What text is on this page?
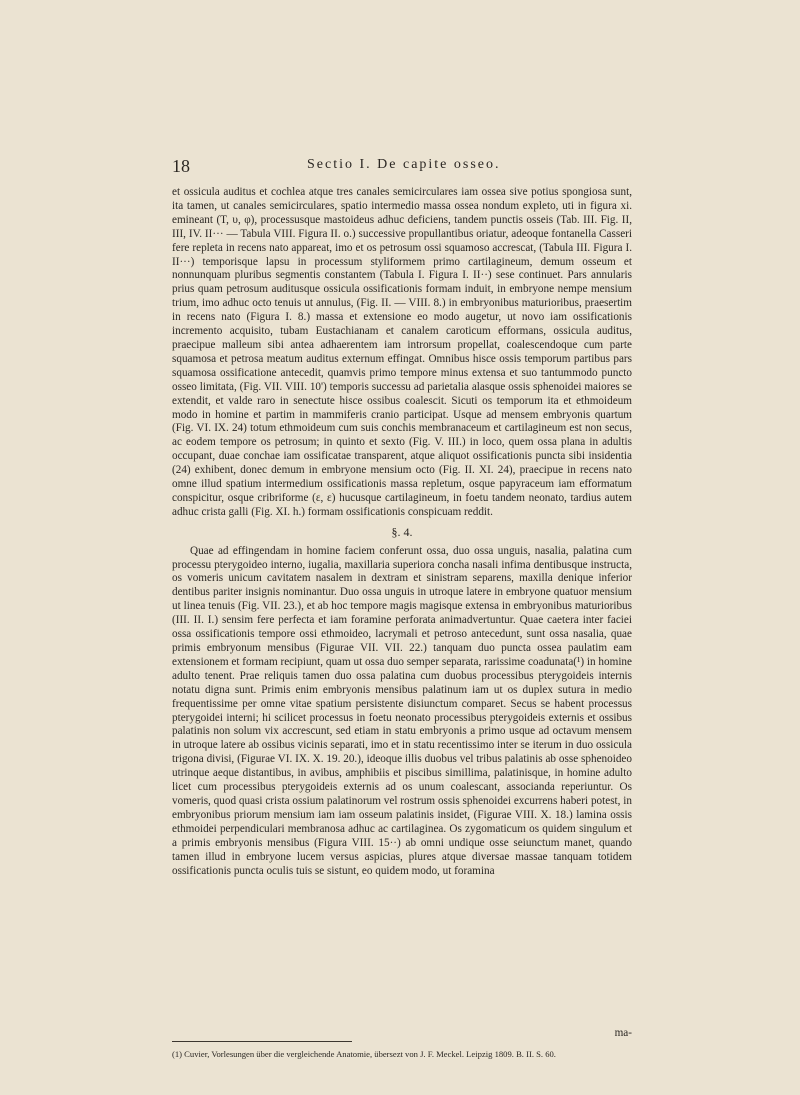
18	Sectio I. De capite osseo.

et ossicula auditus et cochlea atque tres canales semicirculares iam ossea sive potius spongiosa sunt, ita tamen, ut canales semicirculares, spatio intermedio massa ossea nondum expleto, uti in figura xi. emineant (T, υ, φ), processusque mastoideus adhuc deficiens, tandem punctis osseis (Tab. III. Fig. II, III, IV. II··· — Tabula VIII. Figura II. o.) successive propullantibus oriatur, adeoque fontanella Casseri fere repleta in recens nato appareat, imo et os petrosum ossi squamoso accrescat, (Tabula III. Figura I. II···) temporisque lapsu in processum styliformem primo cartilagineum, demum osseum et nonnunquam pluribus segmentis constantem (Tabula I. Figura I. II··) sese continuet. Pars annularis prius quam petrosum auditusque ossicula ossificationis formam induit, in embryone nempe mensium trium, imo adhuc octo tenuis ut annulus, (Fig. II. — VIII. 8.) in embryonibus maturioribus, praesertim in recens nato (Figura I. 8.) massa et extensione eo modo augetur, ut novo iam ossificationis incremento acquisito, tubam Eustachianam et canalem caroticum efformans, ossicula auditus, praecipue malleum sibi antea adhaerentem iam introrsum propellat, coalescendoque cum parte squamosa et petrosa meatum auditus externum effingat. Omnibus hisce ossis temporum partibus pars squamosa ossificatione antecedit, quamvis primo tempore minus extensa et suo tantummodo puncto osseo limitata, (Fig. VII. VIII. 10') temporis successu ad parietalia alasque ossis sphenoidei maiores se extendit, et valde raro in senectute hisce ossibus coalescit. Sicuti os temporum ita et ethmoideum modo in homine et partim in mammiferis cranio participat. Usque ad mensem embryonis quartum (Fig. VI. IX. 24) totum ethmoideum cum suis conchis membranaceum et cartilagineum est non secus, ac eodem tempore os petrosum; in quinto et sexto (Fig. V. III.) in loco, quem ossa plana in adultis occupant, duae conchae iam ossificatae transparent, atque aliquot ossificationis puncta sibi insidentia (24) exhibent, donec demum in embryone mensium octo (Fig. II. XI. 24), praecipue in recens nato omne illud spatium intermedium ossificationis massa repletum, osque papyraceum iam efformatum conspicitur, osque cribriforme (ε, ε) hucusque cartilagineum, in foetu tandem neonato, tardius autem adhuc crista galli (Fig. XI. h.) formam ossificationis conspicuam reddit.

§. 4.

Quae ad effingendam in homine faciem conferunt ossa, duo ossa unguis, nasalia, palatina cum processu pterygoideo interno, iugalia, maxillaria superiora concha nasali infima dentibusque instructa, os vomeris unicum cavitatem nasalem in dextram et sinistram separens, maxilla denique inferior dentibus pariter insignis nominantur. Duo ossa unguis in utroque latere in embryone quatuor mensium ut linea tenuis (Fig. VII. 23.), et ab hoc tempore magis magisque extensa in embryonibus maturioribus (III. II. I.) sensim fere perfecta et iam foramine perforata animadvertuntur. Quae caetera inter faciei ossa ossificationis tempore ossi ethmoideo, lacrymali et petroso antecedunt, sunt ossa nasalia, quae primis embryonum mensibus (Figurae VII. VII. 22.) tanquam duo puncta ossea paulatim eam extensionem et formam recipiunt, quam ut ossa duo semper separata, rarissime coadunata(¹) in homine adulto tenent. Prae reliquis tamen duo ossa palatina cum duobus processibus pterygoideis internis notatu digna sunt. Primis enim embryonis mensibus palatinum iam ut os duplex sutura in medio frequentissime per omne vitae spatium persistente disiunctum comparet. Secus se habent processus pterygoidei interni; hi scilicet processus in foetu neonato processibus pterygoideis externis et ossibus palatinis non solum vix accrescunt, sed etiam in statu embryonis a primo usque ad octavum mensem in utroque latere ab ossibus vicinis separati, imo et in statu recentissimo inter se iterum in duo ossicula trigona divisi, (Figurae VI. IX. X. 19. 20.), ideoque illis duobus vel tribus palatinis ab osse sphenoideo utrinque aeque distantibus, in avibus, amphibiis et piscibus simillima, palatinisque, in homine adulto licet cum processibus pterygoideis externis ad os unum coalescant, associanda reperiuntur. Os vomeris, quod quasi crista ossium palatinorum vel rostrum ossis sphenoidei excurrens haberi potest, in embryonibus priorum mensium iam iam osseum palatinis insidet, (Figurae VIII. X. 18.) lamina ossis ethmoidei perpendiculari membranosa adhuc ac cartilaginea. Os zygomaticum os quidem singulum et a primis embryonis mensibus (Figura VIII. 15··) ab omni undique osse seiunctum manet, quando tamen illud in embryone lucem versus aspicias, plures atque diversae massae tanquam totidem ossificationis puncta oculis tuis se sistunt, eo quidem modo, ut foramina

ma-
(1) Cuvier, Vorlesungen über die vergleichende Anatomie, übersezt von J. F. Meckel. Leipzig 1809. B. II. S. 60.
